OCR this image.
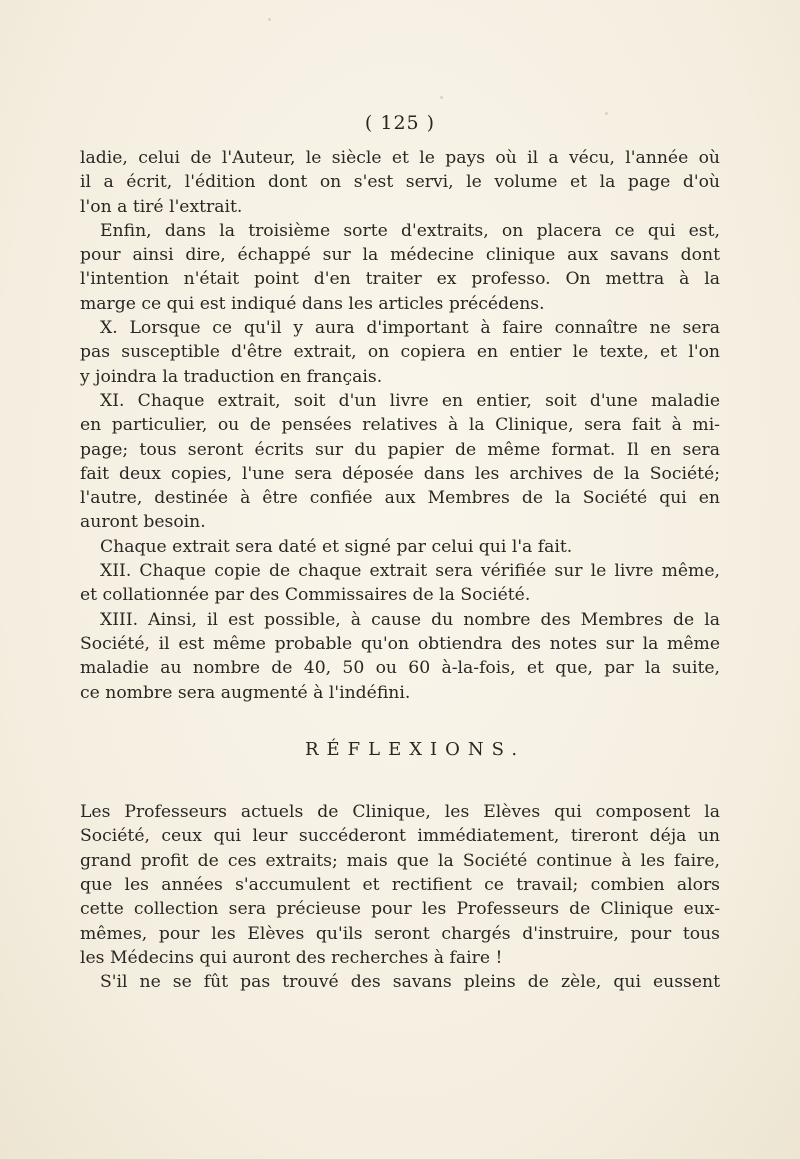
( 125 )
ladie, celui de l'Auteur, le siècle et le pays où il a vécu, l'année où
il a écrit, l'édition dont on s'est servi, le volume et la page d'où
l'on a tiré l'extrait.
Enfin, dans la troisième sorte d'extraits, on placera ce qui est,
pour ainsi dire, échappé sur la médecine clinique aux savans dont
l'intention n'était point d'en traiter ex professo. On mettra à la
marge ce qui est indiqué dans les articles précédens.
X. Lorsque ce qu'il y aura d'important à faire connaître ne sera
pas susceptible d'être extrait, on copiera en entier le texte, et l'on
y joindra la traduction en français.
XI. Chaque extrait, soit d'un livre en entier, soit d'une maladie
en particulier, ou de pensées relatives à la Clinique, sera fait à mi-
page; tous seront écrits sur du papier de même format. Il en sera
fait deux copies, l'une sera déposée dans les archives de la Société;
l'autre, destinée à être confiée aux Membres de la Société qui en
auront besoin.
Chaque extrait sera daté et signé par celui qui l'a fait.
XII. Chaque copie de chaque extrait sera vérifiée sur le livre même,
et collationnée par des Commissaires de la Société.
XIII. Ainsi, il est possible, à cause du nombre des Membres de la
Société, il est même probable qu'on obtiendra des notes sur la même
maladie au nombre de 40, 50 ou 60 à-la-fois, et que, par la suite,
ce nombre sera augmenté à l'indéfini.
RÉFLEXIONS.
Les Professeurs actuels de Clinique, les Elèves qui composent la
Société, ceux qui leur succéderont immédiatement, tireront déja un
grand profit de ces extraits; mais que la Société continue à les faire,
que les années s'accumulent et rectifient ce travail; combien alors
cette collection sera précieuse pour les Professeurs de Clinique eux-
mêmes, pour les Elèves qu'ils seront chargés d'instruire, pour tous
les Médecins qui auront des recherches à faire !
S'il ne se fût pas trouvé des savans pleins de zèle, qui eussent
